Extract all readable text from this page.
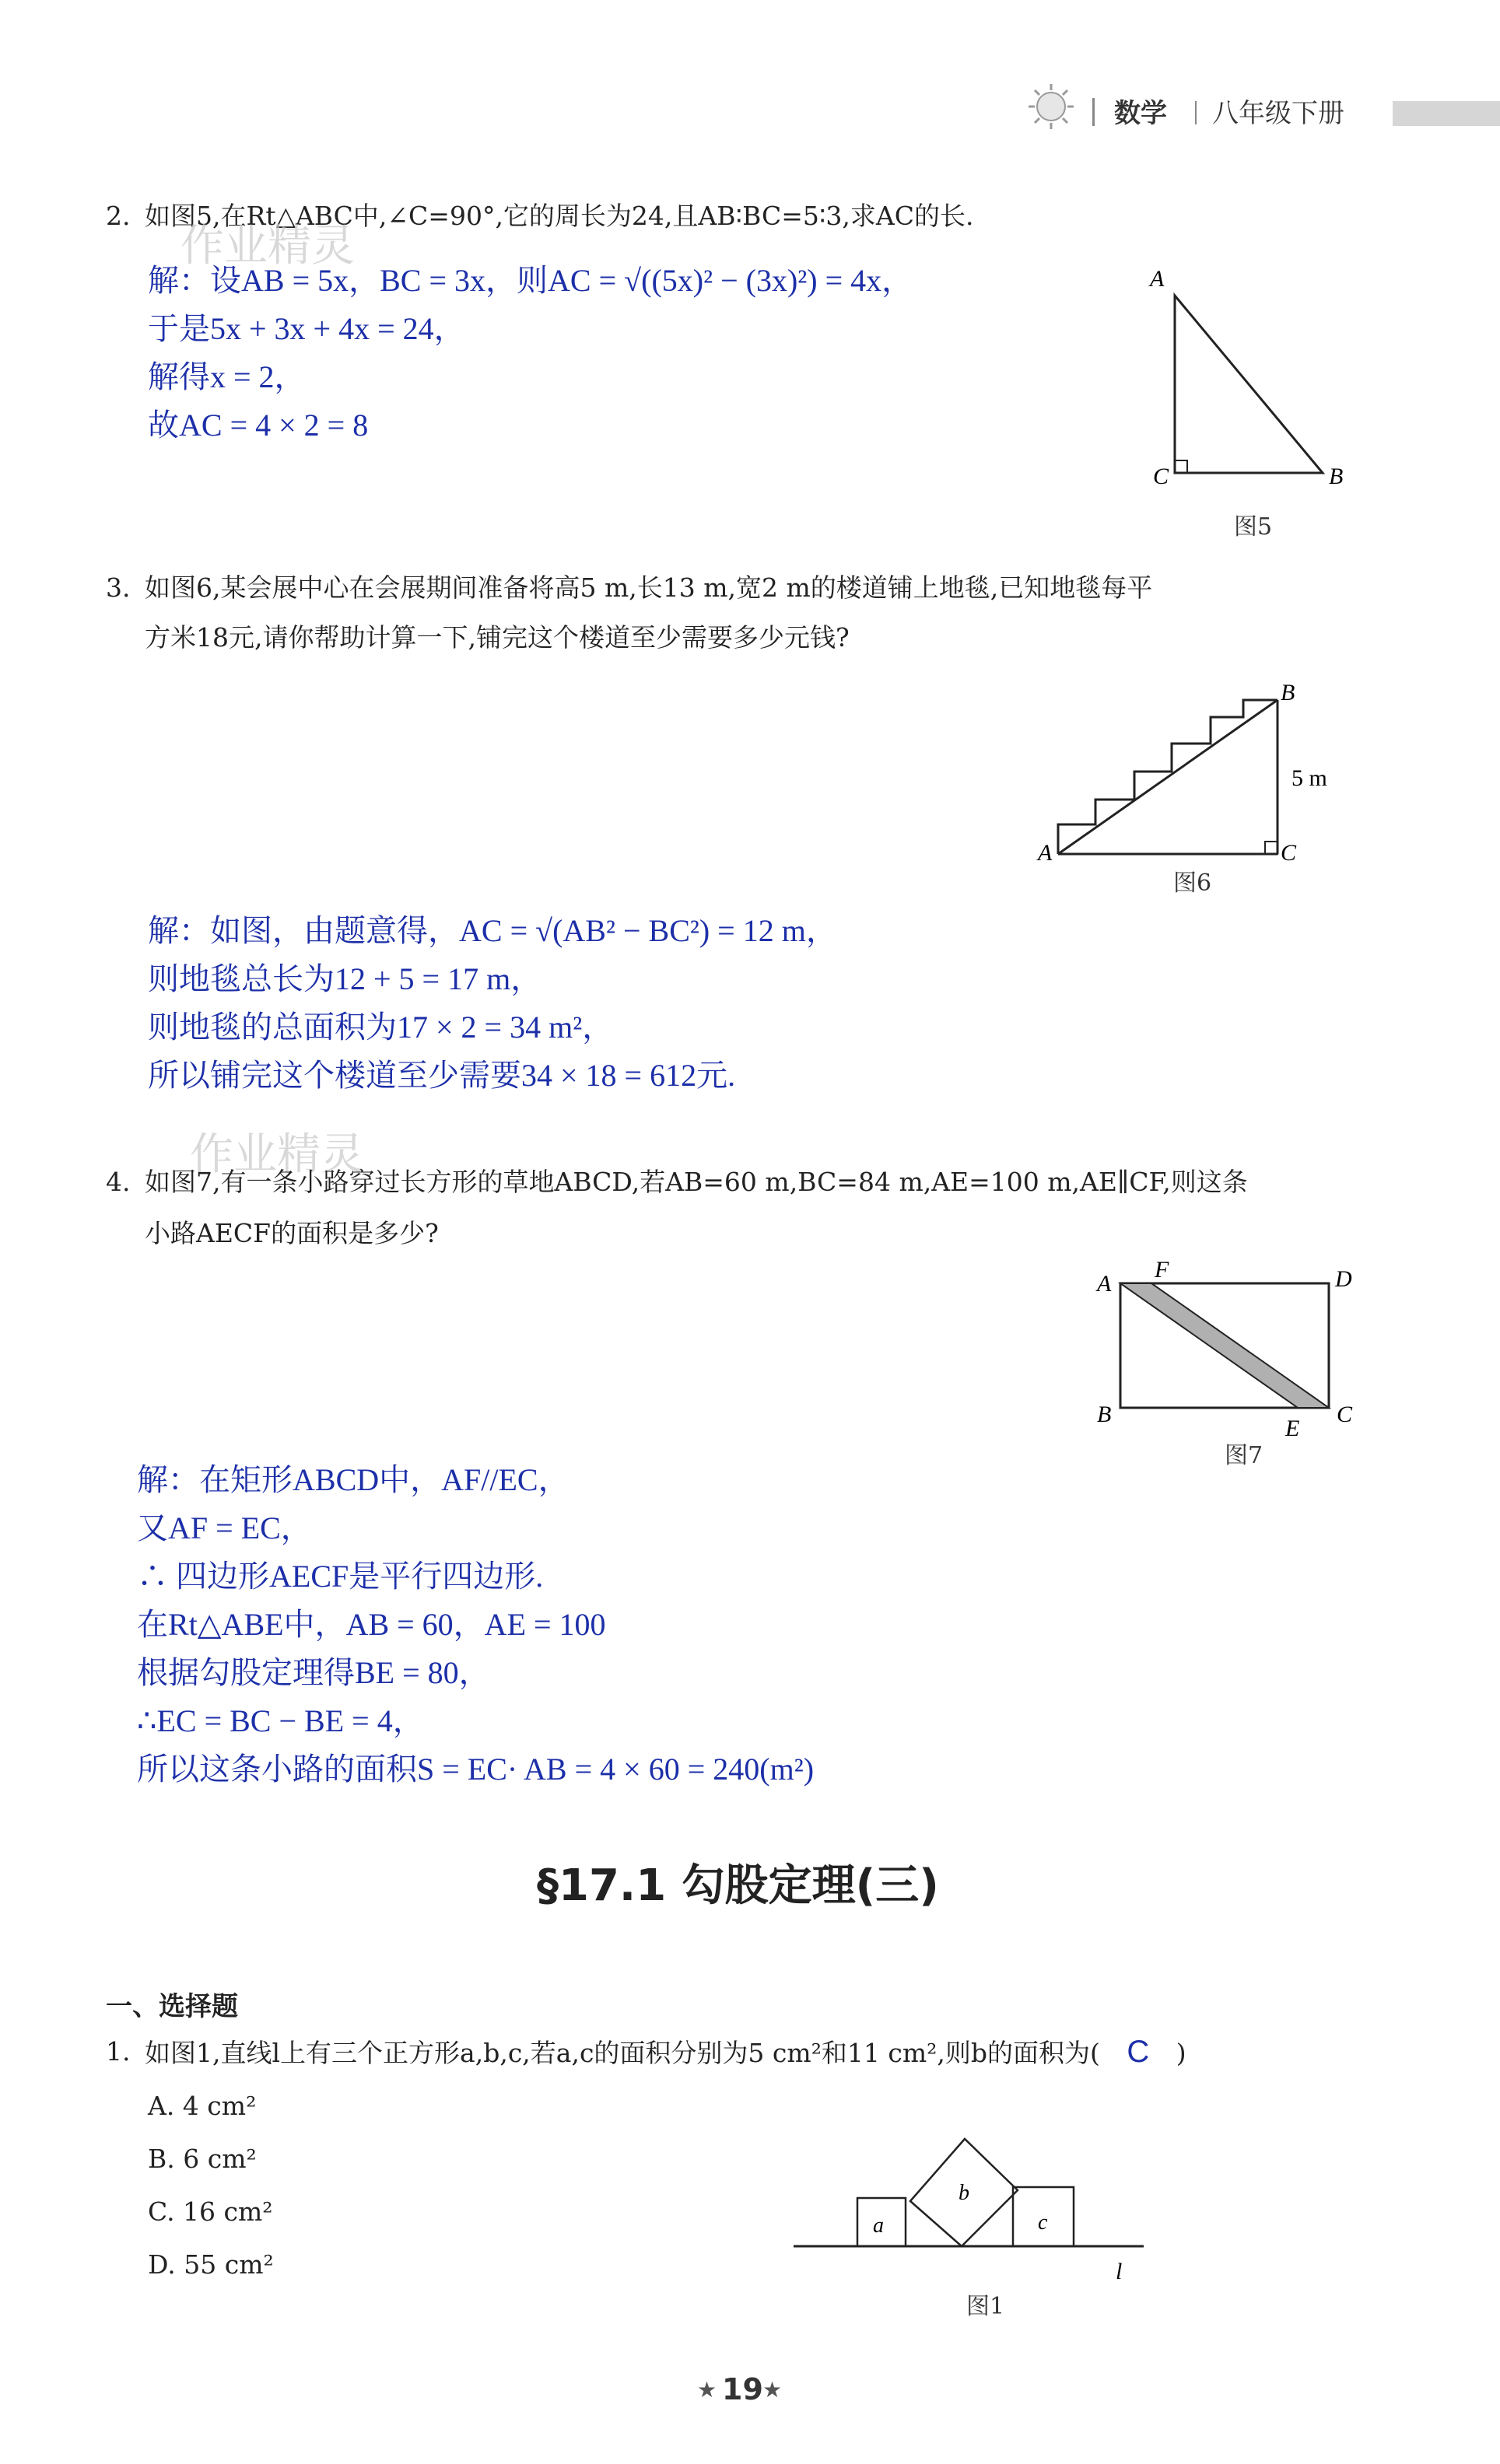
数学 八年级下册
2. 如图5,在Rt△ABC中,∠C=90°,它的周长为24,且AB∶BC=5∶3,求AC的长.
作业精灵
解：设AB = 5x，BC = 3x，则AC = √((5x)² − (3x)²) = 4x，
于是5x + 3x + 4x = 24，
解得x = 2，
故AC = 4 × 2 = 8
A
C	B
图5
3. 如图6,某会展中心在会展期间准备将高5 m,长13 m,宽2 m的楼道铺上地毯,已知地毯每平
方米18元,请你帮助计算一下,铺完这个楼道至少需要多少元钱?
A
B
C
5 m
图6
解：如图，由题意得，AC = √(AB² − BC²) = 12 m，
则地毯总长为12 + 5 = 17 m，
则地毯的总面积为17 × 2 = 34 m²，
所以铺完这个楼道至少需要34 × 18 = 612元.
作业精灵
4. 如图7,有一条小路穿过长方形的草地ABCD,若AB=60 m,BC=84 m,AE=100 m,AE∥CF,则这条
小路AECF的面积是多少?
A
F	D
B
E
C
图7
解：在矩形ABCD中，AF//EC，
又AF = EC，
∴ 四边形AECF是平行四边形.
在Rt△ABE中，AB = 60，AE = 100
根据勾股定理得BE = 80，
∴EC = BC − BE = 4，
所以这条小路的面积S = EC· AB = 4 × 60 = 240(m²)
§17.1 勾股定理(三)
一、选择题
1. 如图1,直线l上有三个正方形a,b,c,若a,c的面积分别为5 cm²和11 cm²,则b的面积为( C )
A. 4 cm²
B. 6 cm²
C. 16 cm²
D. 55 cm²
a
b
c
l
图1
★ 19 ★
